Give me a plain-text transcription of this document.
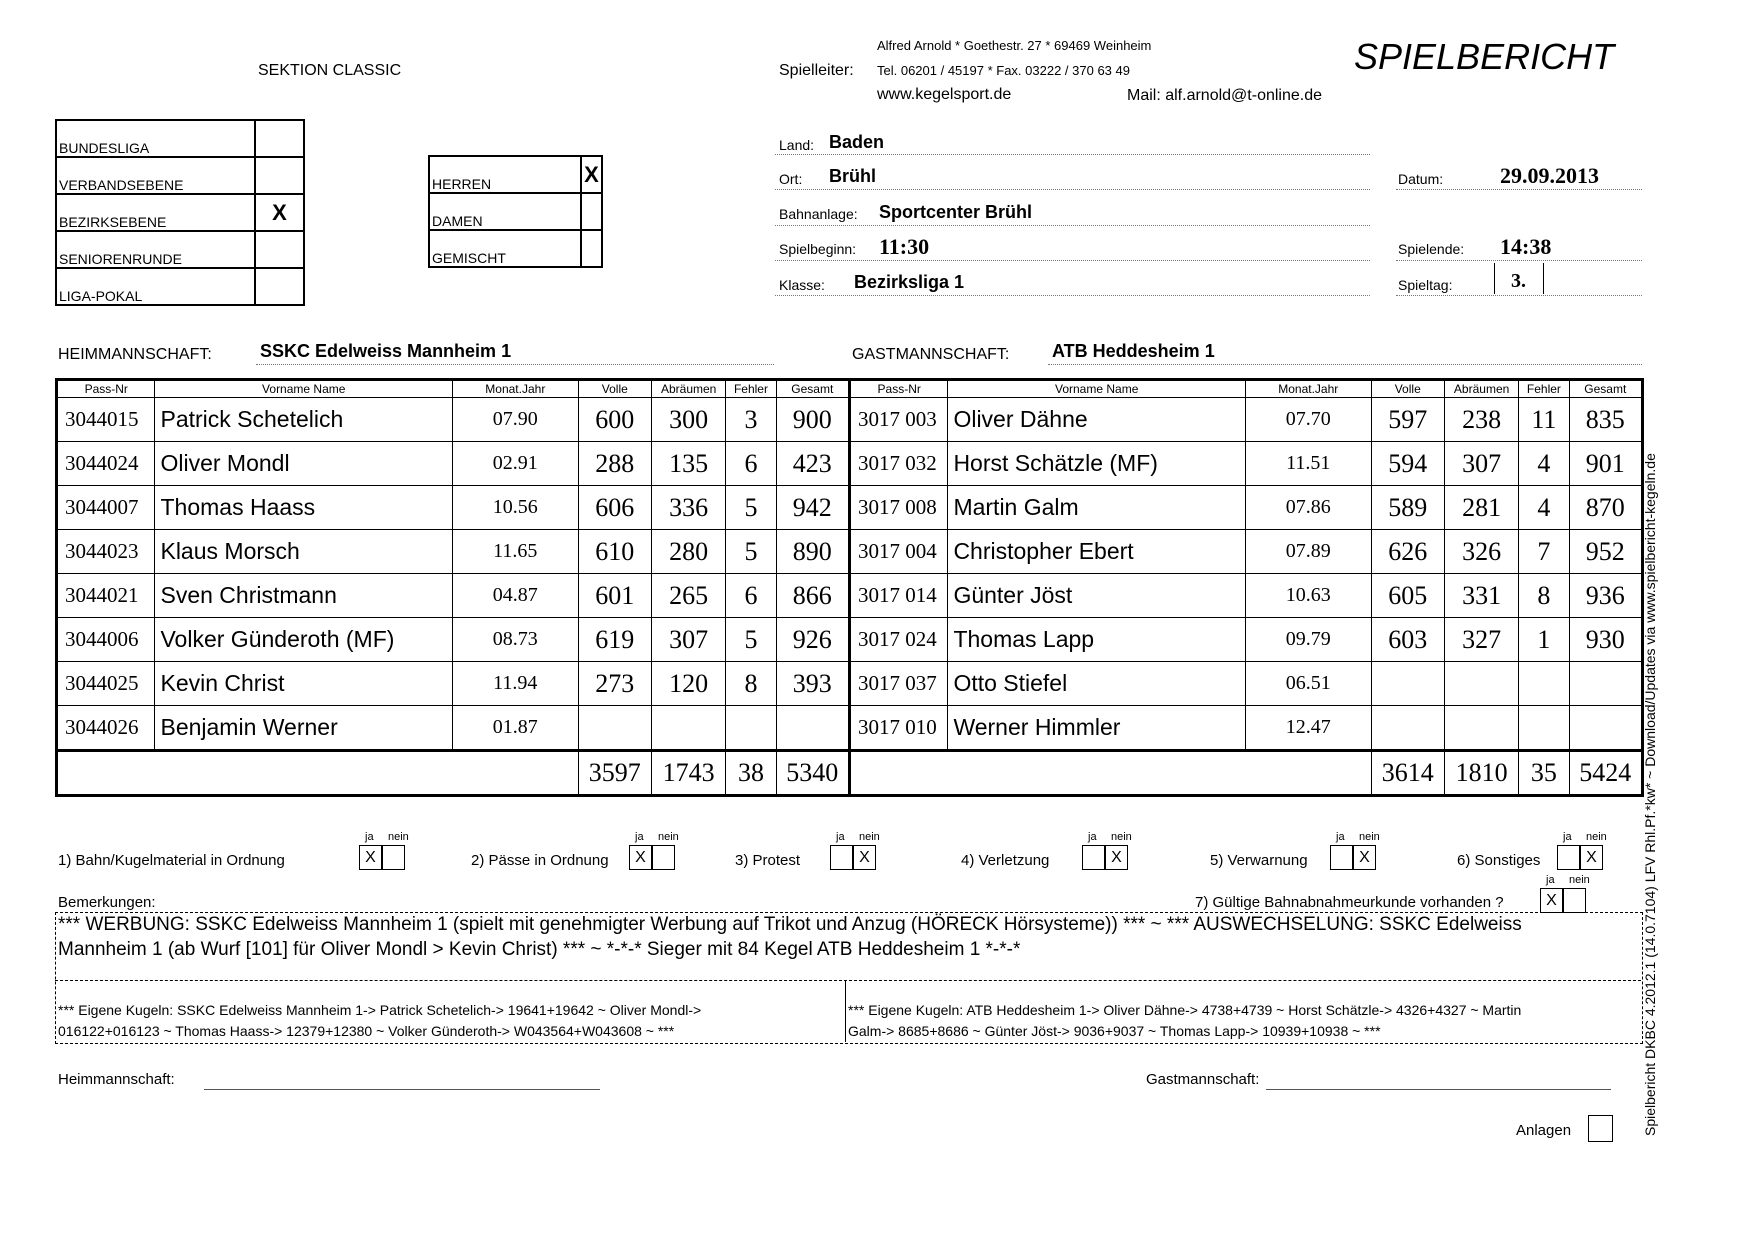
SEKTION CLASSIC	Spielleiter:
Alfred Arnold * Goethestr. 27 * 69469 Weinheim
Tel. 06201 / 45197 * Fax. 03222 / 370 63 49
www.kegelsport.de	Mail: alf.arnold@t-online.de
SPIELBERICHT
BUNDESLIGA	
VERBANDSEBENE	
BEZIRKSEBENE	X
SENIORENRUNDE	
LIGA-POKAL	
HERREN	X
DAMEN	
GEMISCHT	
Land: Baden
Ort: Brühl	Datum:	29.09.2013
Bahnanlage: Sportcenter Brühl
Spielbeginn: 11:30	Spielende: 14:38
Klasse: Bezirksliga 1	Spieltag:	3.
HEIMMANNSCHAFT:	SSKC Edelweiss Mannheim 1	GASTMANNSCHAFT: ATB Heddesheim 1
Pass-Nr	Vorname Name	Monat.Jahr	Volle	Abräumen	Fehler	Gesamt	Pass-Nr	Vorname Name	Monat.Jahr	Volle	Abräumen	Fehler	Gesamt
3044015	Patrick Schetelich	07.90	600	300	3	900	3017 003	Oliver Dähne	07.70	597	238	11	835
3044024	Oliver Mondl	02.91	288	135	6	423	3017 032	Horst Schätzle (MF)	11.51	594	307	4	901
3044007	Thomas Haass	10.56	606	336	5	942	3017 008	Martin Galm	07.86	589	281	4	870
3044023	Klaus Morsch	11.65	610	280	5	890	3017 004	Christopher Ebert	07.89	626	326	7	952
3044021	Sven Christmann	04.87	601	265	6	866	3017 014	Günter Jöst	10.63	605	331	8	936
3044006	Volker Günderoth (MF)	08.73	619	307	5	926	3017 024	Thomas Lapp	09.79	603	327	1	930
3044025	Kevin Christ	11.94	273	120	8	393	3017 037	Otto Stiefel	06.51				
3044026	Benjamin Werner	01.87					3017 010	Werner Himmler	12.47				
			3597	1743	38	5340				3614	1810	35	5424
1) Bahn/Kugelmaterial in Ordnung
ja nein
X	2) Pässe in Ordnung
ja nein
X	3) Protest
ja nein
X	4) Verletzung
ja nein
X	5) Verwarnung
ja nein
X	6) Sonstiges
ja nein
X
Bemerkungen:	7) Gültige Bahnabnahmeurkunde vorhanden ?
ja nein
X
*** WERBUNG: SSKC Edelweiss Mannheim 1 (spielt mit genehmigter Werbung auf Trikot und Anzug (HÖRECK Hörsysteme)) *** ~ *** AUSWECHSELUNG: SSKC Edelweiss
Mannheim 1 (ab Wurf [101] für Oliver Mondl > Kevin Christ) *** ~ *-*-* Sieger mit 84 Kegel ATB Heddesheim 1 *-*-*
*** Eigene Kugeln: SSKC Edelweiss Mannheim 1-> Patrick Schetelich-> 19641+19642 ~ Oliver Mondl->
016122+016123 ~ Thomas Haass-> 12379+12380 ~ Volker Günderoth-> W043564+W043608 ~ ***
*** Eigene Kugeln: ATB Heddesheim 1-> Oliver Dähne-> 4738+4739 ~ Horst Schätzle-> 4326+4327 ~ Martin
Galm-> 8685+8686 ~ Günter Jöst-> 9036+9037 ~ Thomas Lapp-> 10939+10938 ~ ***
Heimmannschaft:	Gastmannschaft:
Anlagen	Spielbericht DKBC 4.2012.1 (14.0.7104) LFV Rhl.Pf.*kw* ~ Download/Updates via www.spielbericht-kegeln.de
